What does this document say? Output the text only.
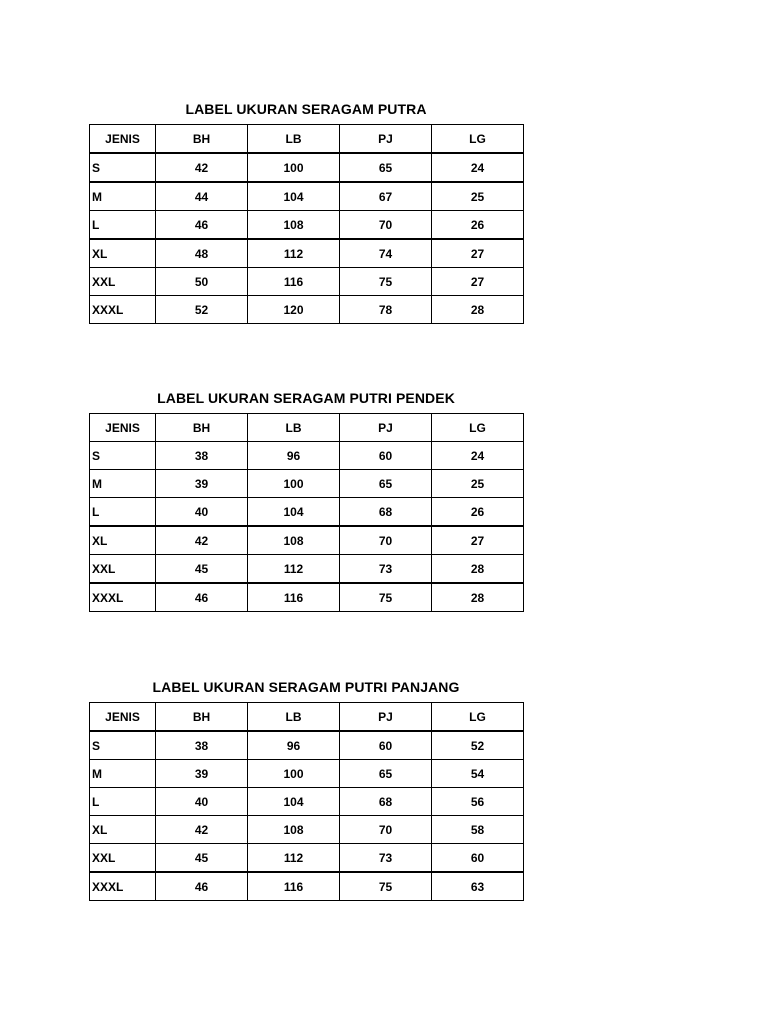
LABEL UKURAN SERAGAM PUTRA
JENIS	BH	LB	PJ	LG
S	42	100	65	24
M	44	104	67	25
L	46	108	70	26
XL	48	112	74	27
XXL	50	116	75	27
XXXL	52	120	78	28
LABEL UKURAN SERAGAM PUTRI PENDEK
JENIS	BH	LB	PJ	LG
S	38	96	60	24
M	39	100	65	25
L	40	104	68	26
XL	42	108	70	27
XXL	45	112	73	28
XXXL	46	116	75	28
LABEL UKURAN SERAGAM PUTRI PANJANG
JENIS	BH	LB	PJ	LG
S	38	96	60	52
M	39	100	65	54
L	40	104	68	56
XL	42	108	70	58
XXL	45	112	73	60
XXXL	46	116	75	63
